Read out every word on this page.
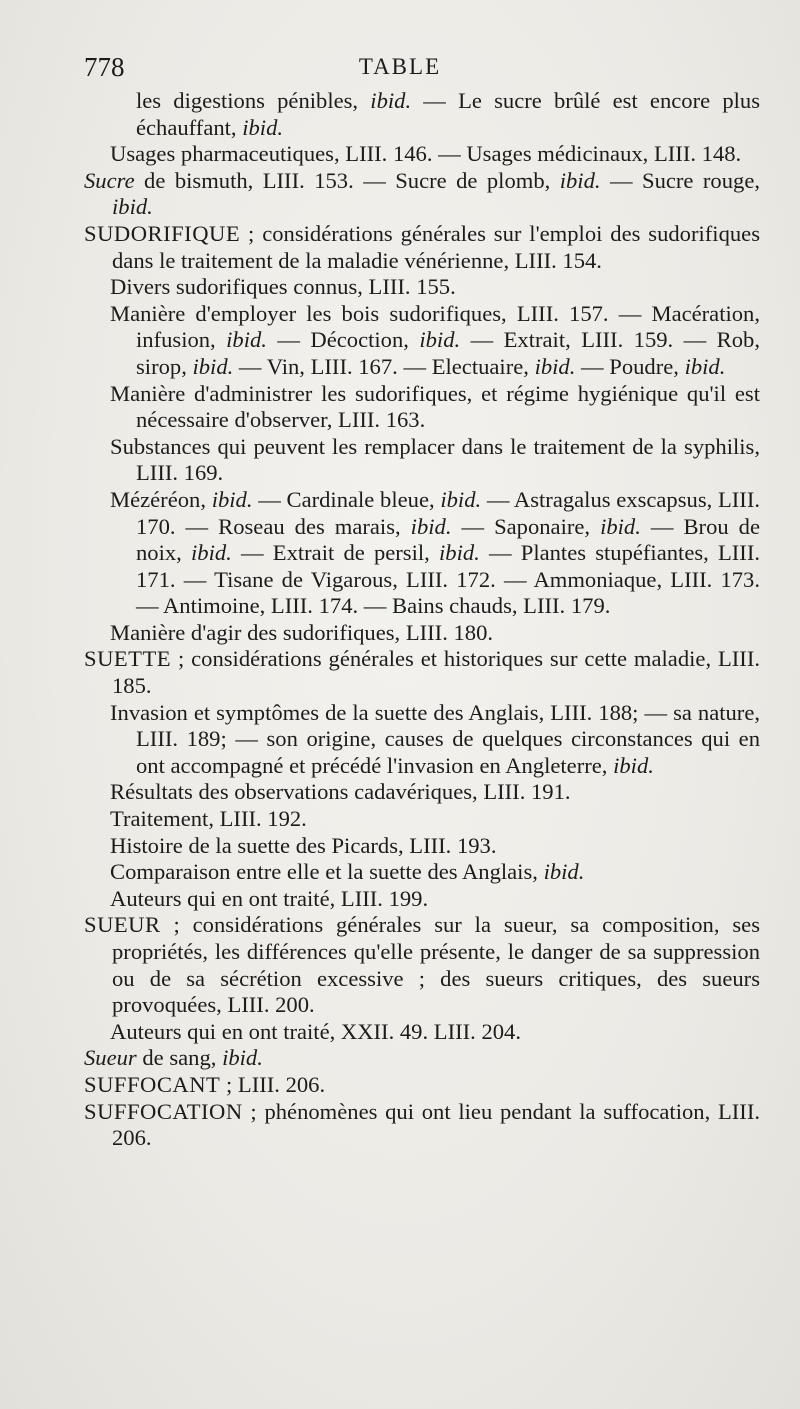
778	TABLE
les digestions pénibles, ibid. — Le sucre brûlé est encore plus échauffant, ibid.
Usages pharmaceutiques, LIII. 146. — Usages médicinaux, LIII. 148.
Sucre de bismuth, LIII. 153. — Sucre de plomb, ibid. — Sucre rouge, ibid.
SUDORIFIQUE ; considérations générales sur l'emploi des sudorifiques dans le traitement de la maladie vénérienne, LIII. 154.
Divers sudorifiques connus, LIII. 155.
Manière d'employer les bois sudorifiques, LIII. 157. — Macération, infusion, ibid. — Décoction, ibid. — Extrait, LIII. 159. — Rob, sirop, ibid. — Vin, LIII. 167. — Electuaire, ibid. — Poudre, ibid.
Manière d'administrer les sudorifiques, et régime hygiénique qu'il est nécessaire d'observer, LIII. 163.
Substances qui peuvent les remplacer dans le traitement de la syphilis, LIII. 169.
Mézéréon, ibid. — Cardinale bleue, ibid. — Astragalus exscapsus, LIII. 170. — Roseau des marais, ibid. — Saponaire, ibid. — Brou de noix, ibid. — Extrait de persil, ibid. — Plantes stupéfiantes, LIII. 171. — Tisane de Vigarous, LIII. 172. — Ammoniaque, LIII. 173. — Antimoine, LIII. 174. — Bains chauds, LIII. 179.
Manière d'agir des sudorifiques, LIII. 180.
SUETTE ; considérations générales et historiques sur cette maladie, LIII. 185.
Invasion et symptômes de la suette des Anglais, LIII. 188; — sa nature, LIII. 189; — son origine, causes de quelques circonstances qui en ont accompagné et précédé l'invasion en Angleterre, ibid.
Résultats des observations cadavériques, LIII. 191.
Traitement, LIII. 192.
Histoire de la suette des Picards, LIII. 193.
Comparaison entre elle et la suette des Anglais, ibid.
Auteurs qui en ont traité, LIII. 199.
SUEUR ; considérations générales sur la sueur, sa composition, ses propriétés, les différences qu'elle présente, le danger de sa suppression ou de sa sécrétion excessive ; des sueurs critiques, des sueurs provoquées, LIII. 200.
Auteurs qui en ont traité, XXII. 49. LIII. 204.
Sueur de sang, ibid.
SUFFOCANT ; LIII. 206.
SUFFOCATION ; phénomènes qui ont lieu pendant la suffocation, LIII. 206.
